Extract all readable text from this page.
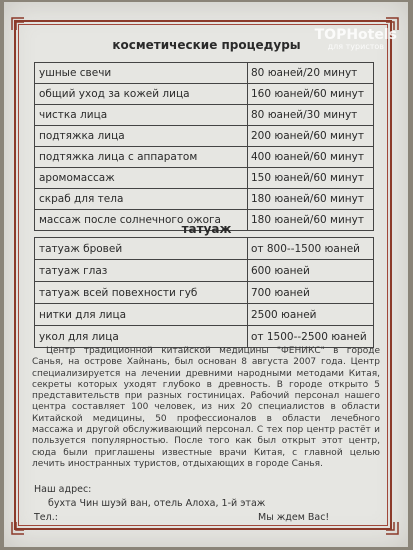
TOPHotels
для туристов
косметические процедуры
ушные свечи	80 юаней/20 минут
общий уход за кожей лица	160 юаней/60 минут
чистка лица	80 юаней/30 минут
подтяжка лица	200 юаней/60 минут
подтяжка лица с аппаратом	400 юаней/60 минут
аромомассаж	150 юаней/60 минут
скраб для тела	180 юаней/60 минут
массаж после солнечного ожога	180 юаней/60 минут
татуаж
татуаж бровей	от 800--1500 юаней
татуаж глаз	600 юаней
татуаж всей повехности губ	700 юаней
нитки для лица	2500 юаней
укол для лица	от 1500--2500 юаней
Центр традиционной китайской медицины "ФЕНИКС" в городе Санья, на острове Хайнань, был основан 8 августа 2007 года. Центр специализируется на лечении древними народными методами Китая, секреты которых уходят глубоко в древность. В городе открыто 5 представительств при разных гостиницах. Рабочий персонал нашего центра составляет 100 человек, из них 20 специалистов в области Китайской медицины, 50 профессионалов в области лечебного массажа и другой обслуживающий персонал. С тех пор центр растёт и пользуется популярностью. После того как был открыт этот центр, сюда были приглашены известные врачи Китая, с главной целью лечить иностранных туристов, отдыхающих в городе Санья.
Наш адрес:
бухта Чин шуэй ван, отель Алоха, 1-й этаж
Тел.:	Мы ждем Вас!
